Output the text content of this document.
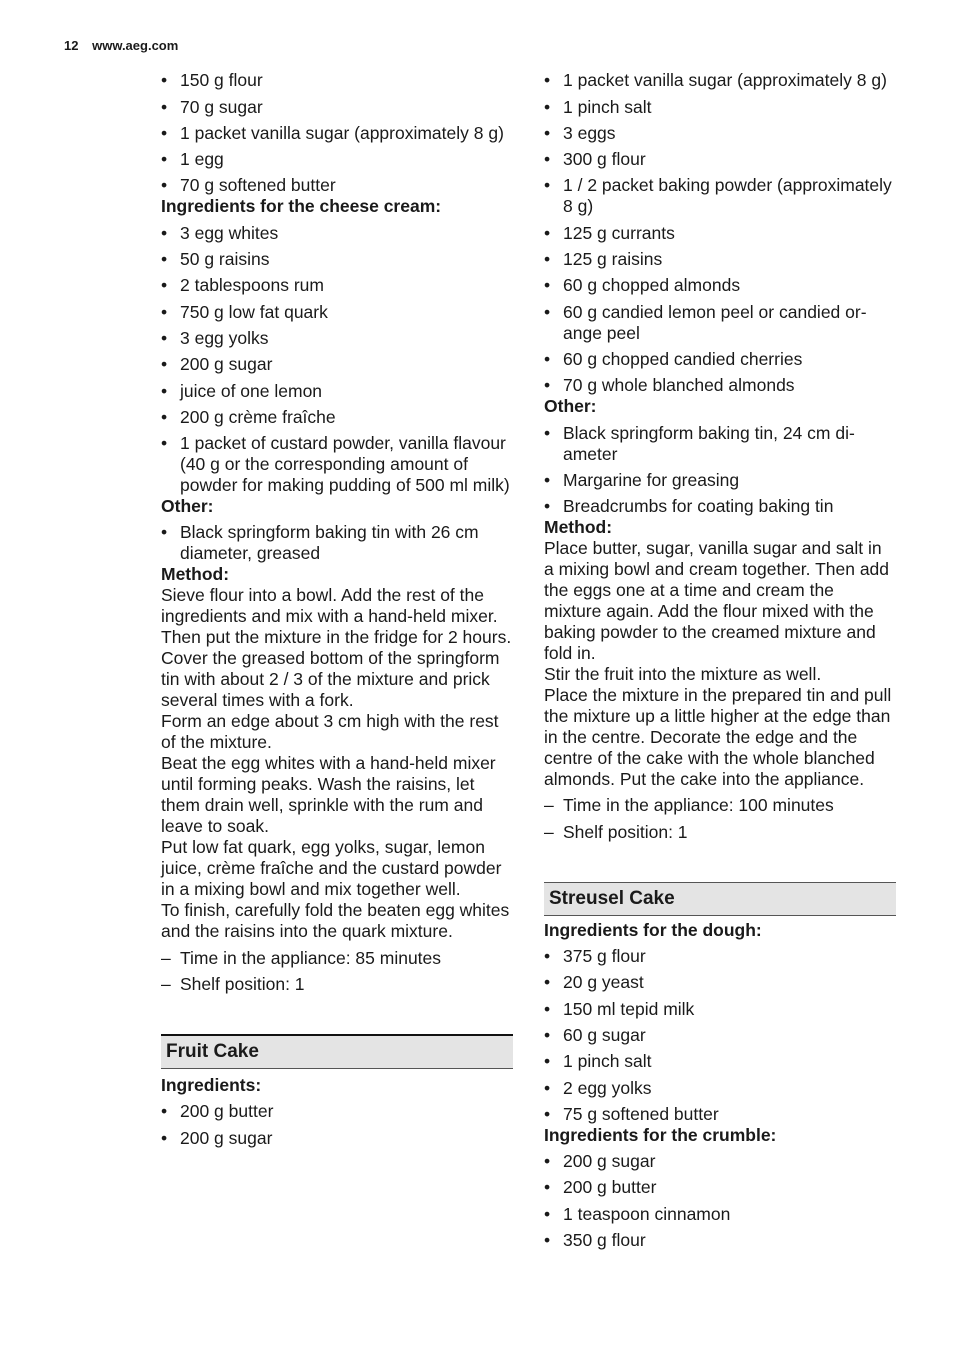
12 www.aeg.com
• 150 g flour
• 70 g sugar
• 1 packet vanilla sugar (approximately 8 g)
• 1 egg
• 70 g softened butter

Ingredients for the cheese cream:

• 3 egg whites
• 50 g raisins
• 2 tablespoons rum
• 750 g low fat quark
• 3 egg yolks
• 200 g sugar
• juice of one lemon
• 200 g crème fraîche
• 1 packet of custard powder, vanilla flavour (40 g or the corresponding amount of powder for making pudding of 500 ml milk)

Other:

• Black springform baking tin with 26 cm diameter, greased

Method:

Sieve flour into a bowl. Add the rest of the ingredients and mix with a hand-held mixer. Then put the mixture in the fridge for 2 hours.

Cover the greased bottom of the springform tin with about 2 / 3 of the mixture and prick several times with a fork.

Form an edge about 3 cm high with the rest of the mixture.

Beat the egg whites with a hand-held mixer until forming peaks. Wash the raisins, let them drain well, sprinkle with the rum and leave to soak.

Put low fat quark, egg yolks, sugar, lemon juice, crème fraîche and the custard powder in a mixing bowl and mix together well.

To finish, carefully fold the beaten egg whites and the raisins into the quark mixture.

– Time in the appliance: 85 minutes
– Shelf position: 1
Fruit Cake

Ingredients:

• 200 g butter
• 200 g sugar
• 1 packet vanilla sugar (approximately 8 g)
• 1 pinch salt
• 3 eggs
• 300 g flour
• 1 / 2 packet baking powder (approximately 8 g)
• 125 g currants
• 125 g raisins
• 60 g chopped almonds
• 60 g candied lemon peel or candied orange peel
• 60 g chopped candied cherries
• 70 g whole blanched almonds

Other:

• Black springform baking tin, 24 cm diameter
• Margarine for greasing
• Breadcrumbs for coating baking tin

Method:

Place butter, sugar, vanilla sugar and salt in a mixing bowl and cream together. Then add the eggs one at a time and cream the mixture again. Add the flour mixed with the baking powder to the creamed mixture and fold in.

Stir the fruit into the mixture as well.

Place the mixture in the prepared tin and pull the mixture up a little higher at the edge than in the centre. Decorate the edge and the centre of the cake with the whole blanched almonds. Put the cake into the appliance.

– Time in the appliance: 100 minutes
– Shelf position: 1
Streusel Cake

Ingredients for the dough:

• 375 g flour
• 20 g yeast
• 150 ml tepid milk
• 60 g sugar
• 1 pinch salt
• 2 egg yolks
• 75 g softened butter

Ingredients for the crumble:

• 200 g sugar
• 200 g butter
• 1 teaspoon cinnamon
• 350 g flour
